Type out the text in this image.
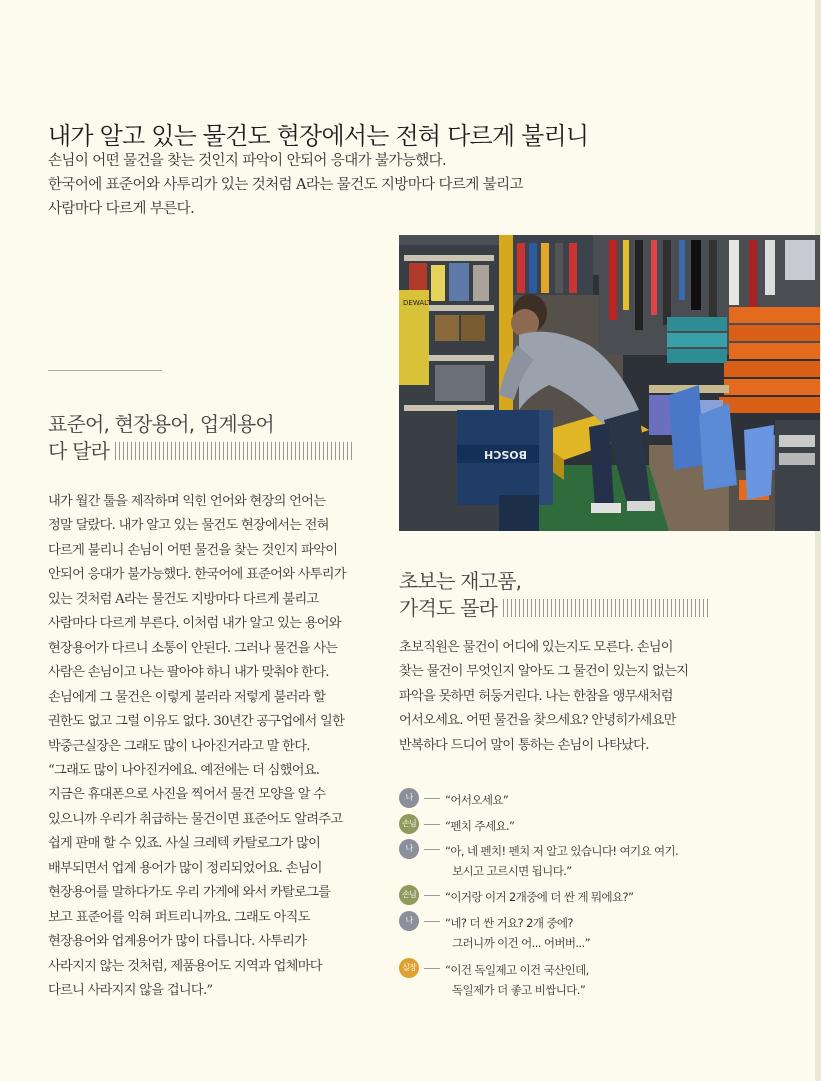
내가 알고 있는 물건도 현장에서는 전혀 다르게 불리니
손님이 어떤 물건을 찾는 것인지 파악이 안되어 응대가 불가능했다.
한국어에 표준어와 사투리가 있는 것처럼 A라는 물건도 지방마다 다르게 불리고
사람마다 다르게 부른다.
표준어, 현장용어, 업계용어
다 달라
내가 월간 툴을 제작하며 익힌 언어와 현장의 언어는
정말 달랐다. 내가 알고 있는 물건도 현장에서는 전혀
다르게 불리니 손님이 어떤 물건을 찾는 것인지 파악이
안되어 응대가 불가능했다. 한국어에 표준어와 사투리가
있는 것처럼 A라는 물건도 지방마다 다르게 불리고
사람마다 다르게 부른다. 이처럼 내가 알고 있는 용어와
현장용어가 다르니 소통이 안된다. 그러나 물건을 사는
사람은 손님이고 나는 팔아야 하니 내가 맞춰야 한다.
손님에게 그 물건은 이렇게 불러라 저렇게 불러라 할
권한도 없고 그럴 이유도 없다. 30년간 공구업에서 일한
박중근실장은 그래도 많이 나아진거라고 말 한다.
“그래도 많이 나아진거에요. 예전에는 더 심했어요.
지금은 휴대폰으로 사진을 찍어서 물건 모양을 알 수
있으니까 우리가 취급하는 물건이면 표준어도 알려주고
쉽게 판매 할 수 있죠. 사실 크레텍 카탈로그가 많이
배부되면서 업계 용어가 많이 정리되었어요. 손님이
현장용어를 말하다가도 우리 가게에 와서 카탈로그를
보고 표준어를 익혀 퍼트리니까요. 그래도 아직도
현장용어와 업계용어가 많이 다릅니다. 사투리가
사라지지 않는 것처럼, 제품용어도 지역과 업체마다
다르니 사라지지 않을 겁니다.”
DEWALT
BOSCH
초보는 재고품,
가격도 몰라
초보직원은 물건이 어디에 있는지도 모른다. 손님이
찾는 물건이 무엇인지 알아도 그 물건이 있는지 없는지
파악을 못하면 허둥거린다. 나는 한참을 앵무새처럼
어서오세요. 어떤 물건을 찾으세요? 안녕히가세요만
반복하다 드디어 말이 통하는 손님이 나타났다.
나	“어서오세요”
손님	“펜치 주세요.”
나	“아, 네 펜치! 펜치 저 알고 있습니다! 여기요 여기.
보시고 고르시면 됩니다.”
손님	“이거랑 이거 2개중에 더 싼 게 뭐에요?”
나	“네? 더 싼 거요? 2개 중에?
그러니까 이건 어... 어버버...”
실장	“이건 독일제고 이건 국산인데,
독일제가 더 좋고 비쌉니다.”
